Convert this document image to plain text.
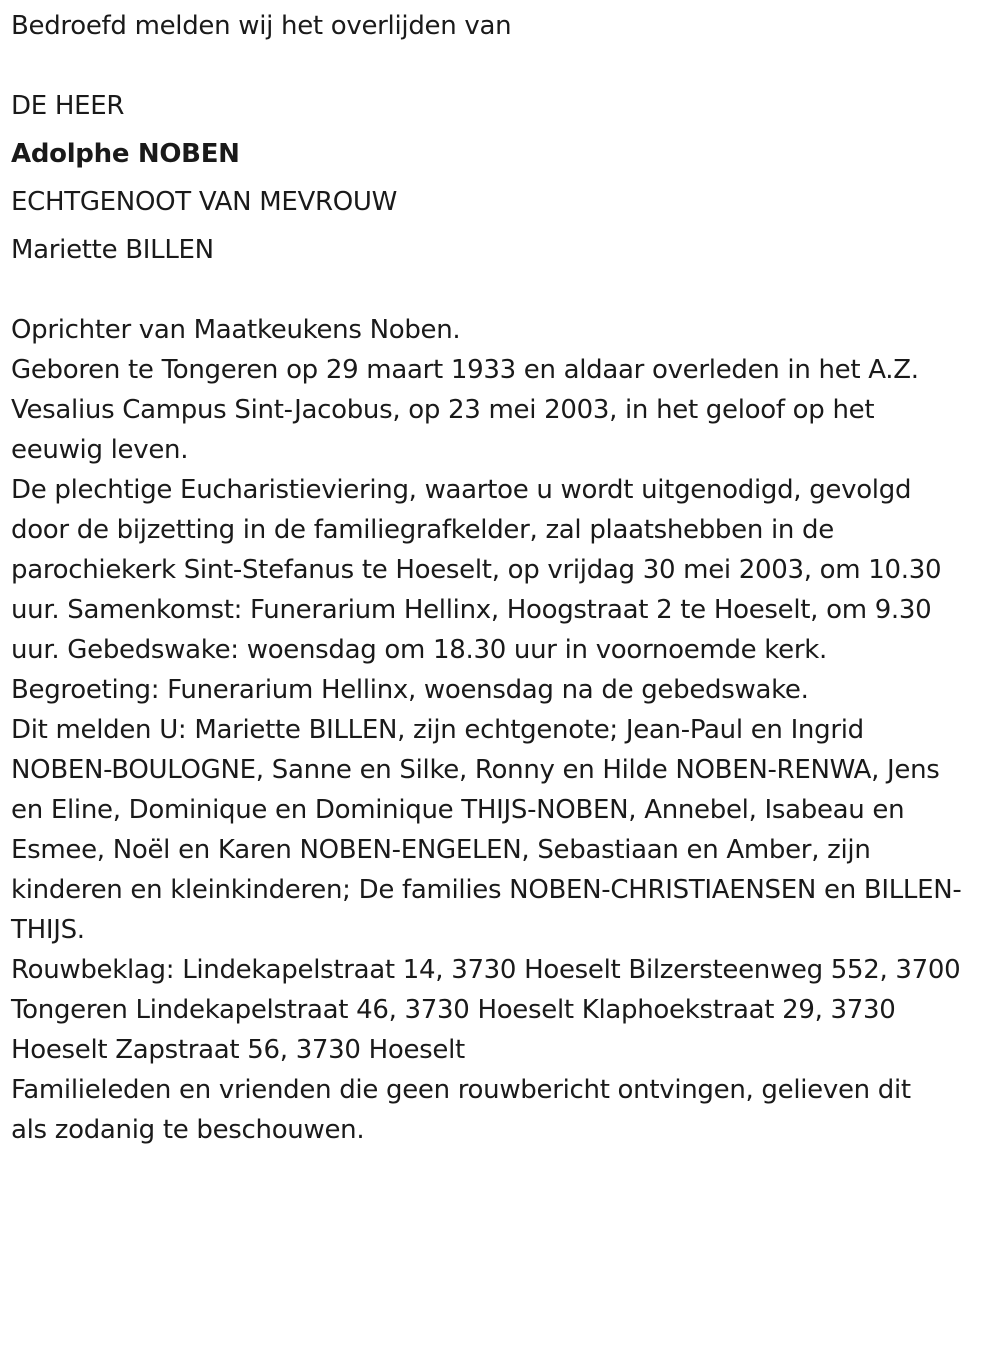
Bedroefd melden wij het overlijden van
DE HEER
Adolphe NOBEN
ECHTGENOOT VAN MEVROUW
Mariette BILLEN
Oprichter van Maatkeukens Noben.
Geboren te Tongeren op 29 maart 1933 en aldaar overleden in het A.Z.
Vesalius Campus Sint-Jacobus, op 23 mei 2003, in het geloof op het
eeuwig leven.
De plechtige Eucharistieviering, waartoe u wordt uitgenodigd, gevolgd
door de bijzetting in de familiegrafkelder, zal plaatshebben in de
parochiekerk Sint-Stefanus te Hoeselt, op vrijdag 30 mei 2003, om 10.30
uur. Samenkomst: Funerarium Hellinx, Hoogstraat 2 te Hoeselt, om 9.30
uur. Gebedswake: woensdag om 18.30 uur in voornoemde kerk.
Begroeting: Funerarium Hellinx, woensdag na de gebedswake.
Dit melden U: Mariette BILLEN, zijn echtgenote; Jean-Paul en Ingrid
NOBEN-BOULOGNE, Sanne en Silke, Ronny en Hilde NOBEN-RENWA, Jens
en Eline, Dominique en Dominique THIJS-NOBEN, Annebel, Isabeau en
Esmee, Noël en Karen NOBEN-ENGELEN, Sebastiaan en Amber, zijn
kinderen en kleinkinderen; De families NOBEN-CHRISTIAENSEN en BILLEN-
THIJS.
Rouwbeklag: Lindekapelstraat 14, 3730 Hoeselt Bilzersteenweg 552, 3700
Tongeren Lindekapelstraat 46, 3730 Hoeselt Klaphoekstraat 29, 3730
Hoeselt Zapstraat 56, 3730 Hoeselt
Familieleden en vrienden die geen rouwbericht ontvingen, gelieven dit
als zodanig te beschouwen.
